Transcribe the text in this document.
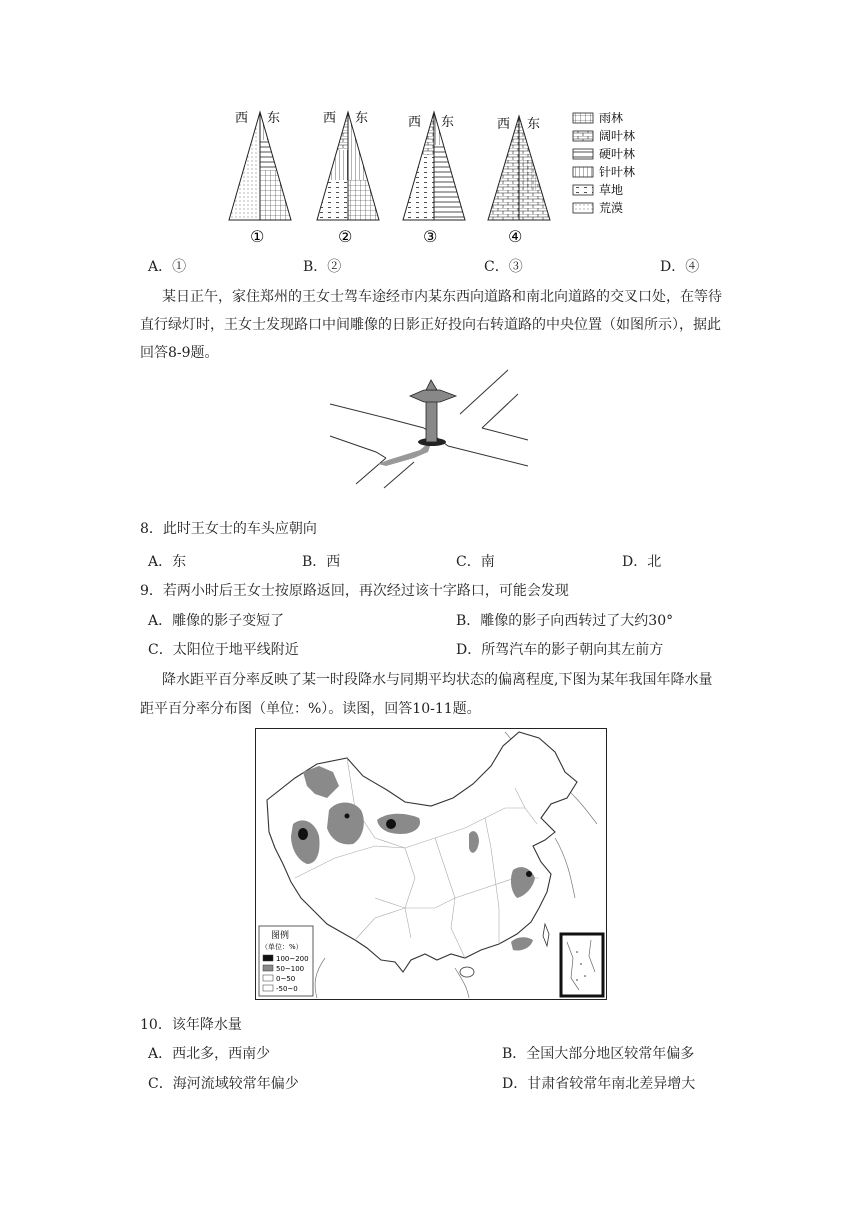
西 东	西 东	西 东	西 东
①	②	③	④
雨林
阔叶林
硬叶林
针叶林
草地
荒漠
A．①	B．②	C．③	D．④
某日正午，家住郑州的王女士驾车途经市内某东西向道路和南北向道路的交叉口处，在等待直行绿灯时，王女士发现路口中间雕像的日影正好投向右转道路的中央位置（如图所示），据此回答8-9题。
8．此时王女士的车头应朝向
A．东	B．西	C．南	D．北
9．若两小时后王女士按原路返回，再次经过该十字路口，可能会发现
A．雕像的影子变短了	B．雕像的影子向西转过了大约30°
C．太阳位于地平线附近	D．所驾汽车的影子朝向其左前方
降水距平百分率反映了某一时段降水与同期平均状态的偏离程度,下图为某年我国年降水量距平百分率分布图（单位：%）。读图，回答10-11题。
图例
（单位：%）
100~200
50~100
0~50
-50~0
10．该年降水量
A．西北多，西南少	B．全国大部分地区较常年偏多
C．海河流域较常年偏少	D．甘肃省较常年南北差异增大
